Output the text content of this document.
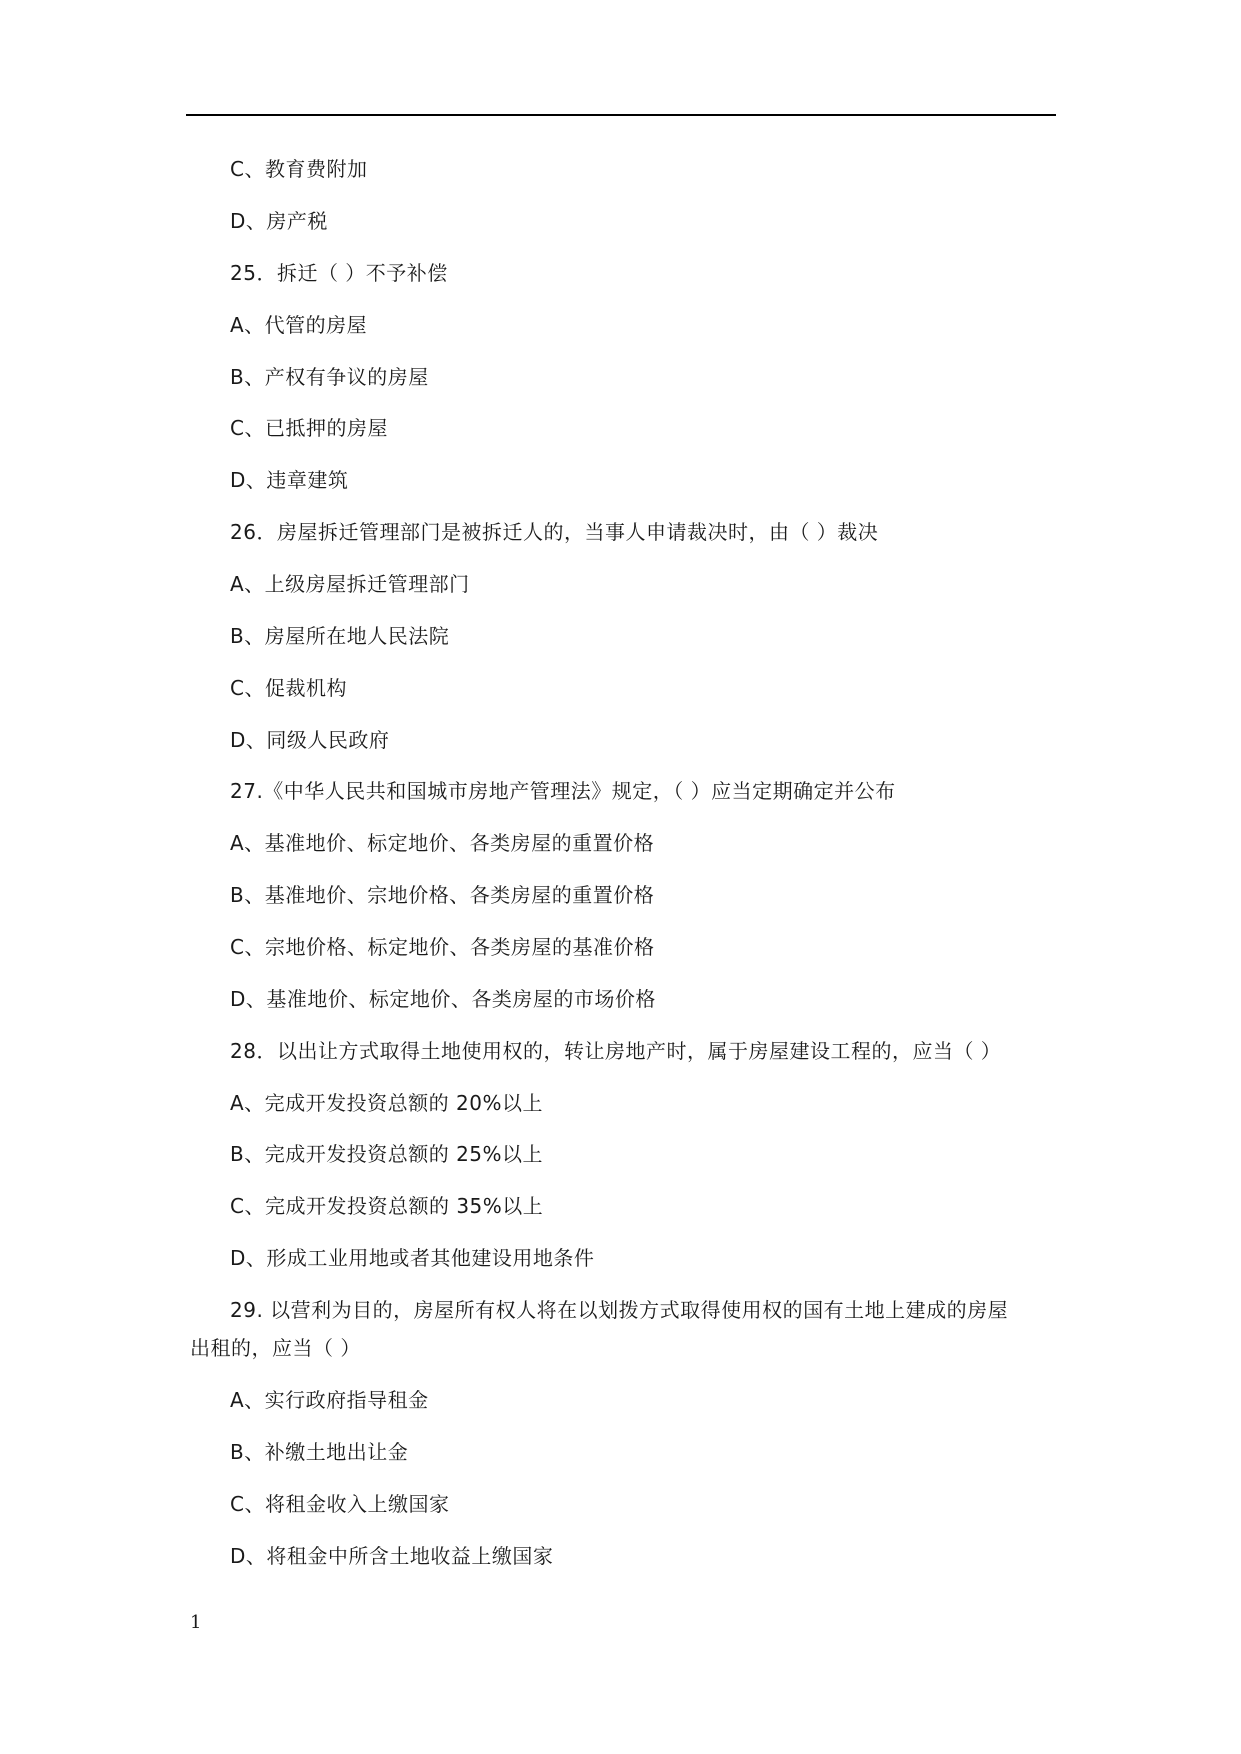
C、教育费附加
D、房产税
25．拆迁（ ）不予补偿
A、代管的房屋
B、产权有争议的房屋
C、已抵押的房屋
D、违章建筑
26．房屋拆迁管理部门是被拆迁人的，当事人申请裁决时，由（ ）裁决
A、上级房屋拆迁管理部门
B、房屋所在地人民法院
C、促裁机构
D、同级人民政府
27.《中华人民共和国城市房地产管理法》规定，（ ）应当定期确定并公布
A、基准地价、标定地价、各类房屋的重置价格
B、基准地价、宗地价格、各类房屋的重置价格
C、宗地价格、标定地价、各类房屋的基准价格
D、基准地价、标定地价、各类房屋的市场价格
28．以出让方式取得土地使用权的，转让房地产时，属于房屋建设工程的，应当（ ）
A、完成开发投资总额的 20%以上
B、完成开发投资总额的 25%以上
C、完成开发投资总额的 35%以上
D、形成工业用地或者其他建设用地条件
29. 以营利为目的，房屋所有权人将在以划拨方式取得使用权的国有土地上建成的房屋
出租的，应当（ ）
A、实行政府指导租金
B、补缴土地出让金
C、将租金收入上缴国家
D、将租金中所含土地收益上缴国家
1
